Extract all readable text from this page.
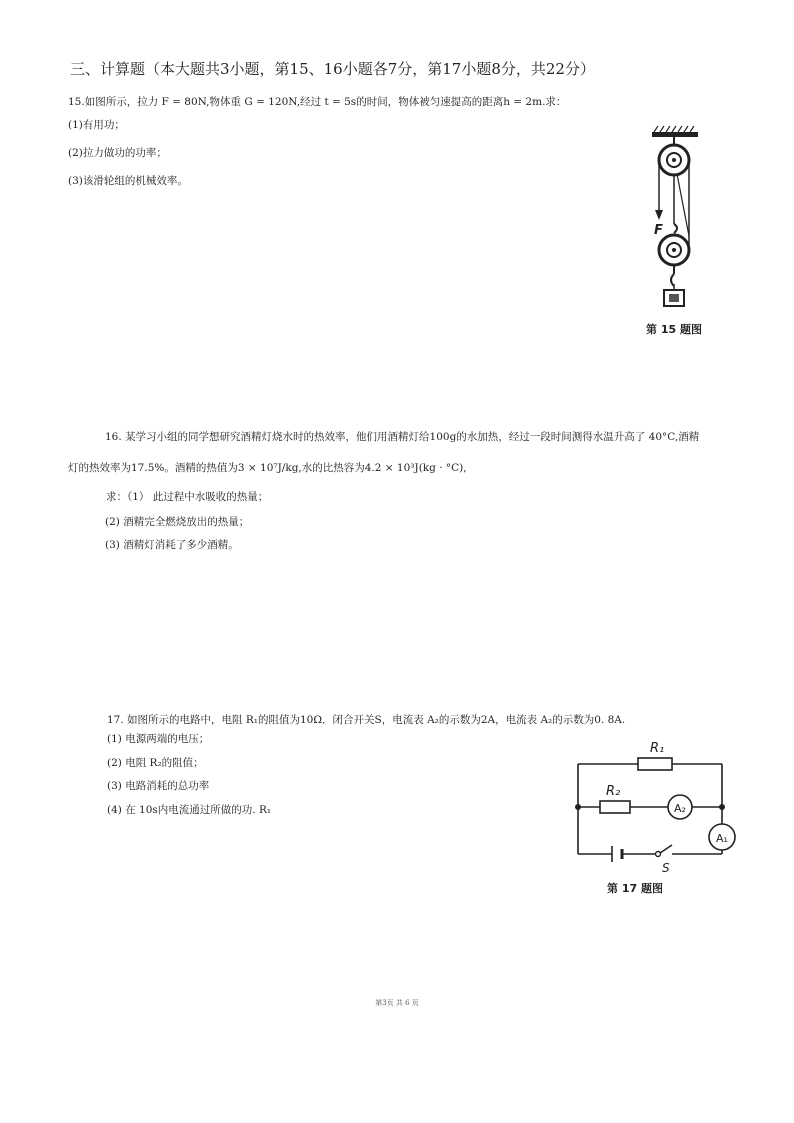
三、计算题（本大题共3小题，第15、16小题各7分，第17小题8分，共22分）
15.如图所示，拉力 F = 80N,物体重 G = 120N,经过 t = 5s的时间，物体被匀速提高的距离h = 2m.求：
(1)有用功；
(2)拉力做功的功率；
(3)该滑轮组的机械效率。
F
第 15 题图
16. 某学习小组的同学想研究酒精灯烧水时的热效率，他们用酒精灯给100g的水加热，经过一段时间测得水温升高了 40°C,酒精
灯的热效率为17.5%。酒精的热值为3 × 10⁷J/kg,水的比热容为4.2 × 10³J(kg · °C),
求：（1） 此过程中水吸收的热量；
(2) 酒精完全燃烧放出的热量；
(3) 酒精灯消耗了多少酒精。
17. 如图所示的电路中，电阻 R₁的阻值为10Ω．闭合开关S，电流表 A₂的示数为2A，电流表 A₂的示数为0. 8A.
(1) 电源两端的电压；
(2) 电阻 R₂的阻值；
(3) 电路消耗的总功率
(4) 在 10s内电流通过所做的功. R₁
R₁
R₂
A₂
A₁
S
第 17 题图
第3页 共 6 页
